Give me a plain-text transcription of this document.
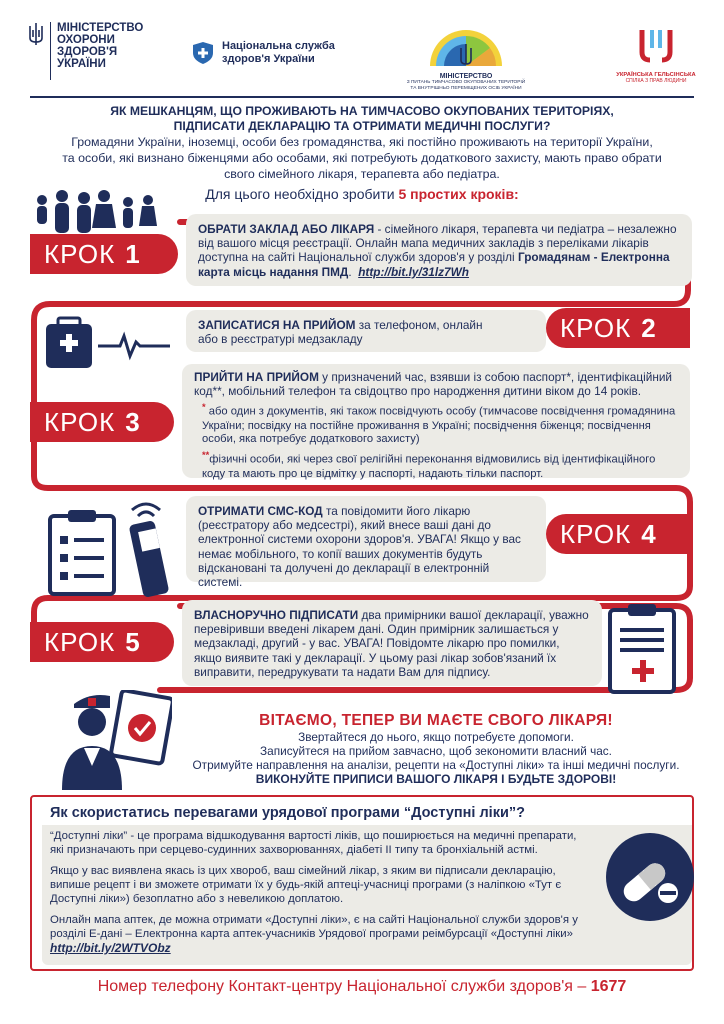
МІНІСТЕРСТВО
ОХОРОНИ
ЗДОРОВ'Я
УКРАЇНИ
Національна служба здоров'я України
МІНІСТЕРСТВО
З ПИТАНЬ ТИМЧАСОВО ОКУПОВАНИХ ТЕРИТОРІЙ
ТА ВНУТРІШНЬО ПЕРЕМІЩЕНИХ ОСІБ УКРАЇНИ
УКРАЇНСЬКА ГЕЛЬСІНСЬКА
СПІЛКА З ПРАВ ЛЮДИНИ
ЯК МЕШКАНЦЯМ, ЩО ПРОЖИВАЮТЬ НА ТИМЧАСОВО ОКУПОВАНИХ ТЕРИТОРІЯХ,
ПІДПИСАТИ ДЕКЛАРАЦІЮ ТА ОТРИМАТИ МЕДИЧНІ ПОСЛУГИ?
Громадяни України, іноземці, особи без громадянства, які постійно проживають на території України,
та особи, які визнано біженцями або особами, які потребують додаткового захисту, мають право обрати
свого сімейного лікаря, терапевта або педіатра.
Для цього необхідно зробити 5 простих кроків:
КРОК 1
ОБРАТИ ЗАКЛАД АБО ЛІКАРЯ - сімейного лікаря, терапевта чи педіатра – незалежно від вашого місця реєстрації. Онлайн мапа медичних закладів з переліками лікарів доступна на сайті Національної служби здоров'я у розділі Громадянам - Електронна карта місць надання ПМД.  http://bit.ly/31lz7Wh
ЗАПИСАТИСЯ НА ПРИЙОМ за телефоном, онлайн
або в реєстратурі медзакладу	КРОК 2
КРОК 3
ПРИЙТИ НА ПРИЙОМ у призначений час, взявши із собою паспорт*, ідентифікаційний код**, мобільний телефон та свідоцтво про народження дитини віком до 14 років.
* або один з документів, які також посвідчують особу (тимчасове посвідчення громадянина України; посвідку на постійне проживання в Україні; посвідчення біженця; посвідчення особи, яка потребує додаткового захисту)
**фізичні особи, які через свої релігійні переконання відмовились від ідентифікаційного коду та мають про це відмітку у паспорті, надають тільки паспорт.
ОТРИМАТИ СМС-КОД та повідомити його лікарю (реєстратору або медсестрі), який внесе ваші дані до електронної системи охорони здоров'я. УВАГА! Якщо у вас немає мобільного, то копії ваших документів будуть відскановані та долучені до декларації в електронній системі.
КРОК 4
КРОК 5
ВЛАСНОРУЧНО ПІДПИСАТИ два примірники вашої декларації, уважно перевіривши введені лікарем дані. Один примірник залишається у медзакладі, другий - у вас. УВАГА! Повідомте лікарю про помилки, якщо виявите такі у декларації. У цьому разі лікар зобов'язаний їх виправити, передрукувати та надати Вам для підпису.
ВІТАЄМО, ТЕПЕР ВИ МАЄТЕ СВОГО ЛІКАРЯ!
Звертайтеся до нього, якщо потребуєте допомоги.
Записуйтеся на прийом завчасно, щоб зекономити власний час.
Отримуйте направлення на аналізи, рецепти на «Доступні ліки» та інші медичні послуги.
ВИКОНУЙТЕ ПРИПИСИ ВАШОГО ЛІКАРЯ І БУДЬТЕ ЗДОРОВІ!
Як скористатись перевагами урядової програми “Доступні ліки”?

“Доступні ліки” - це програма відшкодування вартості ліків, що поширюється на медичні препарати, які призначають при серцево-судинних захворюваннях, діабеті II типу та бронхіальній астмі.

Якщо у вас виявлена якась із цих хвороб, ваш сімейний лікар, з яким ви підписали декларацію, випише рецепт і ви зможете отримати їх у будь-якій аптеці-учасниці програми (з наліпкою «Тут є Доступні ліки») безоплатно або з невеликою доплатою.

Онлайн мапа аптек, де можна отримати «Доступні ліки», є на сайті Національної служби здоров'я у розділі Е-дані – Електронна карта аптек-учасників Урядової програми реімбурсації «Доступні ліки» http://bit.ly/2WTVObz

Номер телефону Контакт-центру Національної служби здоров'я – 1677
